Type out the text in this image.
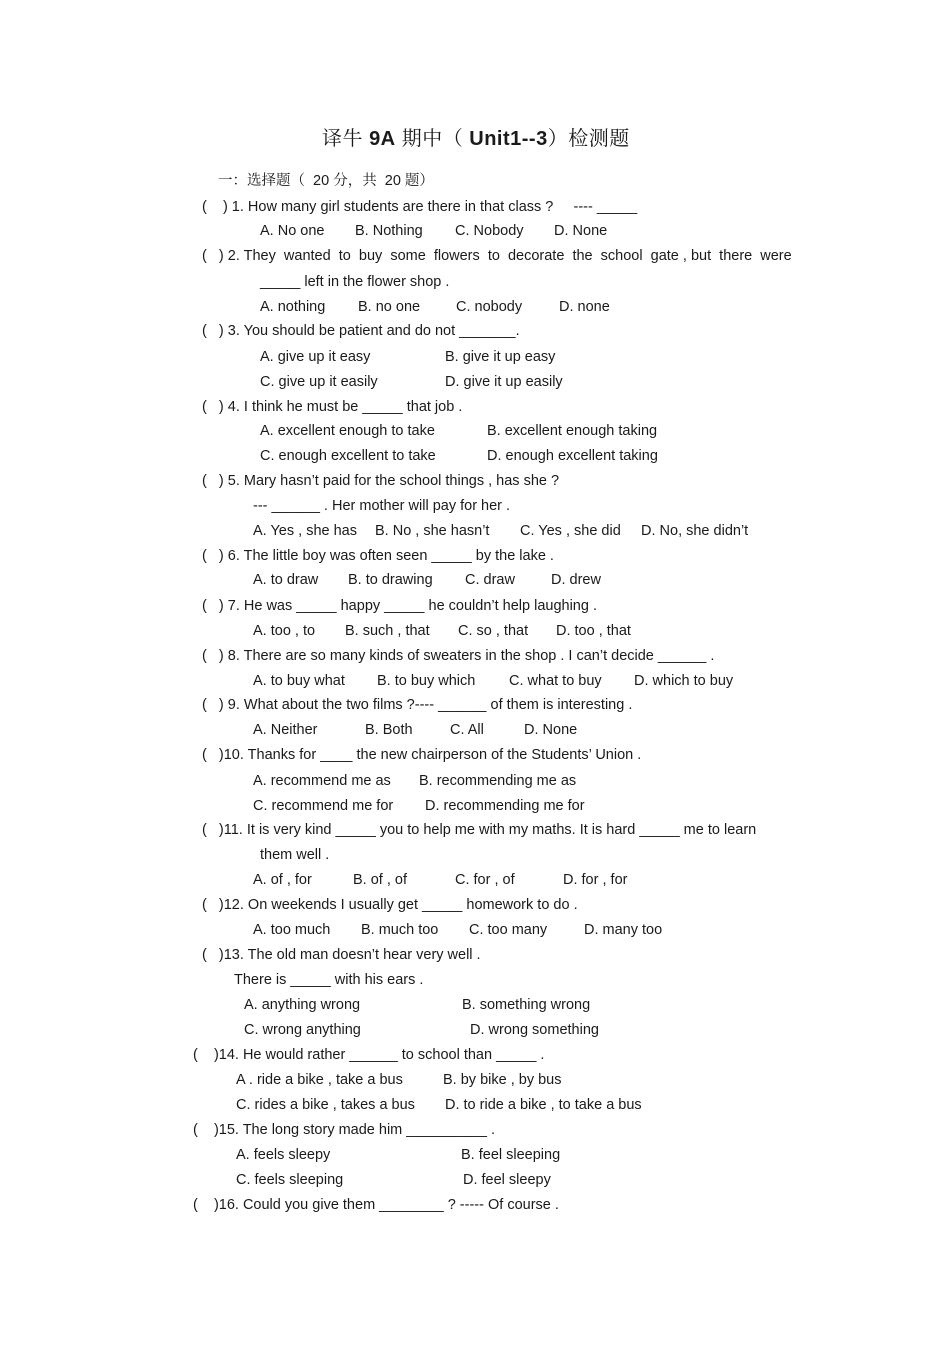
译牛 9A 期中（ Unit1--3）检测题
一：选择题（  20 分，共  20 题）
(    ) 1. How many girl students are there in that class ?     ---- _____
A. No one B. Nothing C. Nobody D. None
(   ) 2. They  wanted  to  buy  some  flowers  to  decorate  the  school  gate , but  there  were
_____ left in the flower shop .
A. nothing B. no one C. nobody	D. none
(   ) 3. You should be patient and do not _______.
A. give up it easy	B. give it up easy
C. give up it easily	D. give it up easily
(   ) 4. I think he must be _____ that job .
A. excellent enough to take	B. excellent enough taking
C. enough excellent to take	D. enough excellent taking
(   ) 5. Mary hasn’t paid for the school things , has she ?
--- ______ . Her mother will pay for her .
A. Yes , she has B. No , she hasn’t C. Yes , she did D. No, she didn’t
(   ) 6. The little boy was often seen _____ by the lake .
A. to draw B. to drawing C. draw D. drew
(   ) 7. He was _____ happy _____ he couldn’t help laughing .
A. too , to B. such , that C. so , that D. too , that
(   ) 8. There are so many kinds of sweaters in the shop . I can’t decide ______ .
A. to buy what B. to buy which C. what to buy D. which to buy
(   ) 9. What about the two films ?---- ______ of them is interesting .
A. Neither	B. Both	C. All	D. None
(   )10. Thanks for ____ the new chairperson of the Students’ Union .
A. recommend me as B. recommending me as
C. recommend me for D. recommending me for
(   )11. It is very kind _____ you to help me with my maths. It is hard _____ me to learn
them well .
A. of , for	B. of , of	C. for , of	D. for , for
(   )12. On weekends I usually get _____ homework to do .
A. too much B. much too C. too many	D. many too
(   )13. The old man doesn’t hear very well .
There is _____ with his ears .
A. anything wrong	B. something wrong
C. wrong anything	D. wrong something
(    )14. He would rather ______ to school than _____ .
A . ride a bike , take a bus	B. by bike , by bus
C. rides a bike , takes a bus D. to ride a bike , to take a bus
(    )15. The long story made him __________ .
A. feels sleepy	B. feel sleeping
C. feels sleeping	D. feel sleepy
(    )16. Could you give them ________ ? ----- Of course .
